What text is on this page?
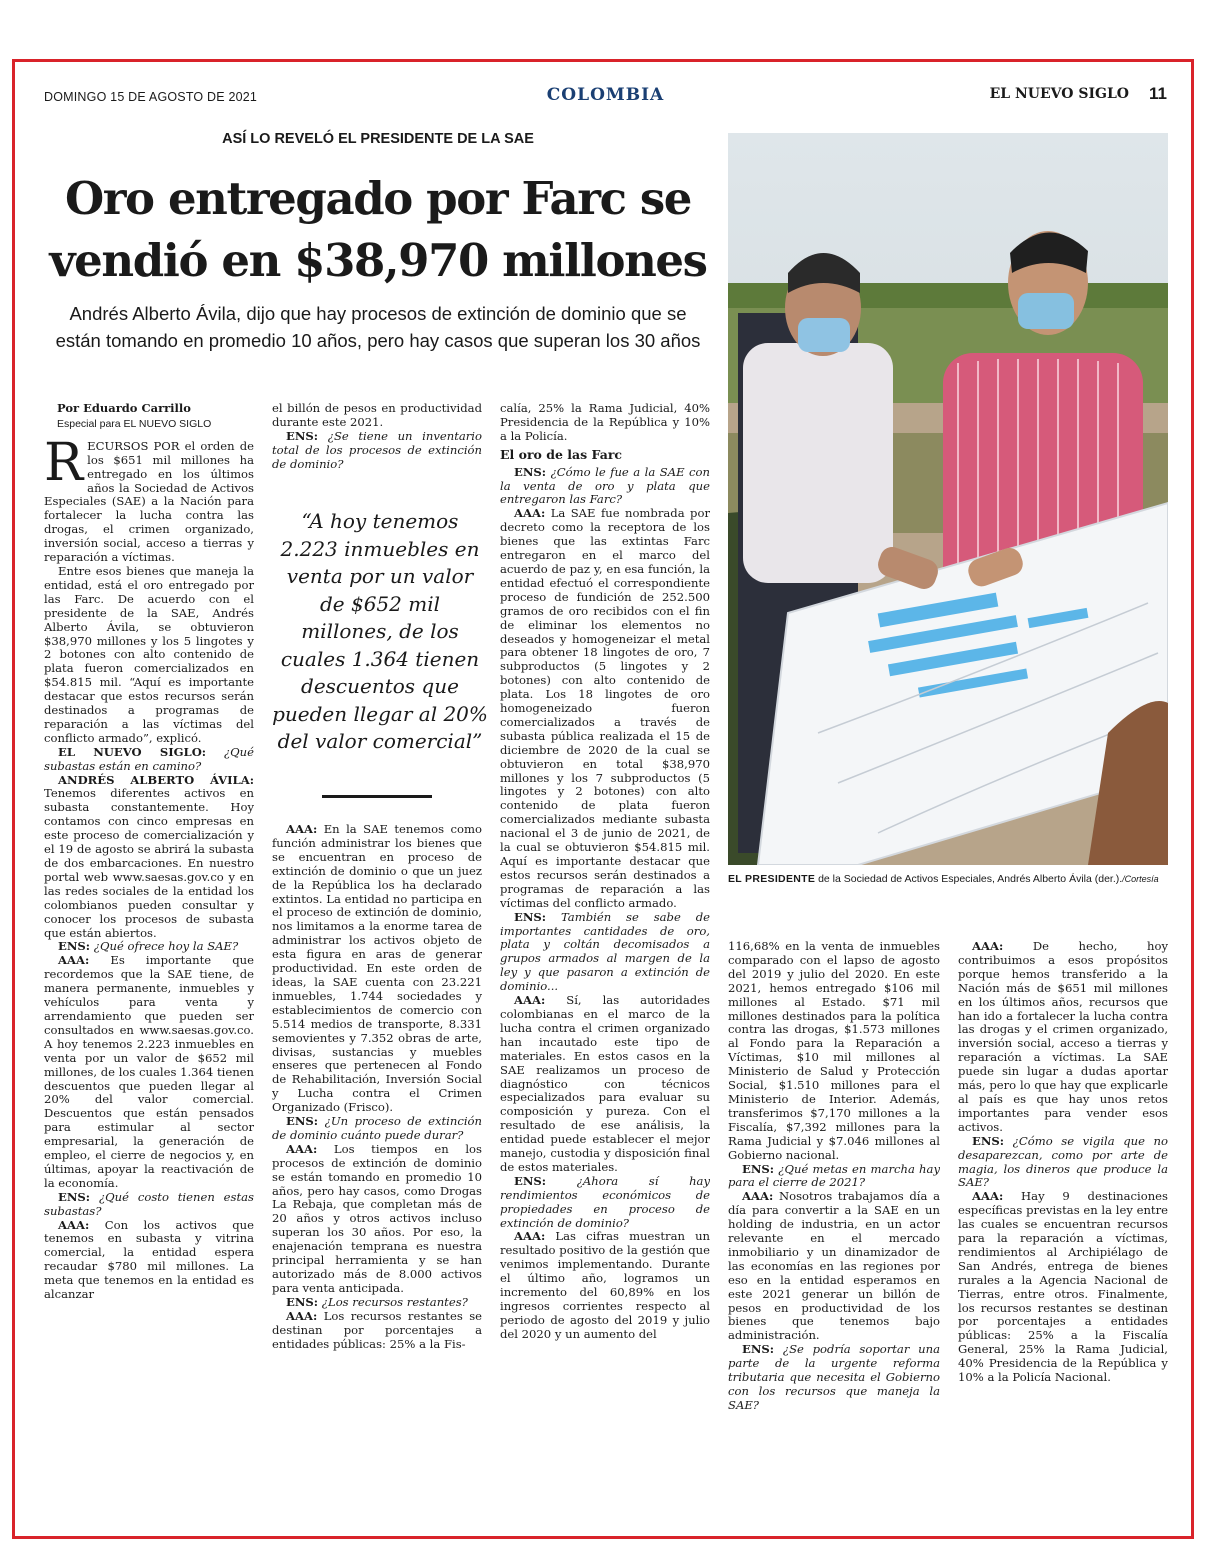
DOMINGO 15 DE AGOSTO DE 2021	COLOMBIA	EL NUEVO SIGLO 11
ASÍ LO REVELÓ EL PRESIDENTE DE LA SAE
Oro entregado por Farc se vendió en $38,970 millones
Andrés Alberto Ávila, dijo que hay procesos de extinción de dominio que se están tomando en promedio 10 años, pero hay casos que superan los 30 años
EL PRESIDENTE de la Sociedad de Activos Especiales, Andrés Alberto Ávila (der.)./Cortesía
Por Eduardo Carrillo
Especial para EL NUEVO SIGLO

RECURSOS POR el orden de los $651 mil millones ha entregado en los últimos años la Sociedad de Activos Especiales (SAE) a la Nación para fortalecer la lucha contra las drogas, el crimen organizado, inversión social, acceso a tierras y reparación a víctimas.

Entre esos bienes que maneja la entidad, está el oro entregado por las Farc. De acuerdo con el presidente de la SAE, Andrés Alberto Ávila, se obtuvieron $38,970 millones y los 5 lingotes y 2 botones con alto contenido de plata fueron comercializados en $54.815 mil. “Aquí es importante destacar que estos recursos serán destinados a programas de reparación a las víctimas del conflicto armado”, explicó.

EL NUEVO SIGLO: ¿Qué subastas están en camino?

ANDRÉS ALBERTO ÁVILA: Tenemos diferentes activos en subasta constantemente. Hoy contamos con cinco empresas en este proceso de comercialización y el 19 de agosto se abrirá la subasta de dos embarcaciones. En nuestro portal web www.saesas.gov.co y en las redes sociales de la entidad los colombianos pueden consultar y conocer los procesos de subasta que están abiertos.

ENS: ¿Qué ofrece hoy la SAE?

AAA: Es importante que recordemos que la SAE tiene, de manera permanente, inmuebles y vehículos para venta y arrendamiento que pueden ser consultados en www.saesas.gov.co. A hoy tenemos 2.223 inmuebles en venta por un valor de $652 mil millones, de los cuales 1.364 tienen descuentos que pueden llegar al 20% del valor comercial. Descuentos que están pensados para estimular al sector empresarial, la generación de empleo, el cierre de negocios y, en últimas, apoyar la reactivación de la economía.

ENS: ¿Qué costo tienen estas subastas?

AAA: Con los activos que tenemos en subasta y vitrina comercial, la entidad espera recaudar $780 mil millones. La meta que tenemos en la entidad es alcanzar

el billón de pesos en productividad durante este 2021.

ENS: ¿Se tiene un inventario total de los procesos de extinción de dominio?

“A hoy tenemos 2.223 inmuebles en venta por un valor de $652 mil millones, de los cuales 1.364 tienen descuentos que pueden llegar al 20% del valor comercial”

AAA: En la SAE tenemos como función administrar los bienes que se encuentran en proceso de extinción de dominio o que un juez de la República los ha declarado extintos. La entidad no participa en el proceso de extinción de dominio, nos limitamos a la enorme tarea de administrar los activos objeto de esta figura en aras de generar productividad. En este orden de ideas, la SAE cuenta con 23.221 inmuebles, 1.744 sociedades y establecimientos de comercio con 5.514 medios de transporte, 8.331 semovientes y 7.352 obras de arte, divisas, sustancias y muebles enseres que pertenecen al Fondo de Rehabilitación, Inversión Social y Lucha contra el Crimen Organizado (Frisco).

ENS: ¿Un proceso de extinción de dominio cuánto puede durar?

AAA: Los tiempos en los procesos de extinción de dominio se están tomando en promedio 10 años, pero hay casos, como Drogas La Rebaja, que completan más de 20 años y otros activos incluso superan los 30 años. Por eso, la enajenación temprana es nuestra principal herramienta y se han autorizado más de 8.000 activos para venta anticipada.

ENS: ¿Los recursos restantes?

AAA: Los recursos restantes se destinan por porcentajes a entidades públicas: 25% a la Fis-

calía, 25% la Rama Judicial, 40% Presidencia de la República y 10% a la Policía.

El oro de las Farc

ENS: ¿Cómo le fue a la SAE con la venta de oro y plata que entregaron las Farc?

AAA: La SAE fue nombrada por decreto como la receptora de los bienes que las extintas Farc entregaron en el marco del acuerdo de paz y, en esa función, la entidad efectuó el correspondiente proceso de fundición de 252.500 gramos de oro recibidos con el fin de eliminar los elementos no deseados y homogeneizar el metal para obtener 18 lingotes de oro, 7 subproductos (5 lingotes y 2 botones) con alto contenido de plata. Los 18 lingotes de oro homogeneizado fueron comercializados a través de subasta pública realizada el 15 de diciembre de 2020 de la cual se obtuvieron en total $38,970 millones y los 7 subproductos (5 lingotes y 2 botones) con alto contenido de plata fueron comercializados mediante subasta nacional el 3 de junio de 2021, de la cual se obtuvieron $54.815 mil. Aquí es importante destacar que estos recursos serán destinados a programas de reparación a las víctimas del conflicto armado.

ENS: También se sabe de importantes cantidades de oro, plata y coltán decomisados a grupos armados al margen de la ley y que pasaron a extinción de dominio...

AAA: Sí, las autoridades colombianas en el marco de la lucha contra el crimen organizado han incautado este tipo de materiales. En estos casos en la SAE realizamos un proceso de diagnóstico con técnicos especializados para evaluar su composición y pureza. Con el resultado de ese análisis, la entidad puede establecer el mejor manejo, custodia y disposición final de estos materiales.

ENS: ¿Ahora sí hay rendimientos económicos de propiedades en proceso de extinción de dominio?

AAA: Las cifras muestran un resultado positivo de la gestión que venimos implementando. Durante el último año, logramos un incremento del 60,89% en los ingresos corrientes respecto al periodo de agosto del 2019 y julio del 2020 y un aumento del

116,68% en la venta de inmuebles comparado con el lapso de agosto del 2019 y julio del 2020. En este 2021, hemos entregado $106 mil millones al Estado. $71 mil millones destinados para la política contra las drogas, $1.573 millones al Fondo para la Reparación a Víctimas, $10 mil millones al Ministerio de Salud y Protección Social, $1.510 millones para el Ministerio de Interior. Además, transferimos $7,170 millones a la Fiscalía, $7,392 millones para la Rama Judicial y $7.046 millones al Gobierno nacional.

ENS: ¿Qué metas en marcha hay para el cierre de 2021?

AAA: Nosotros trabajamos día a día para convertir a la SAE en un holding de industria, en un actor relevante en el mercado inmobiliario y un dinamizador de las economías en las regiones por eso en la entidad esperamos en este 2021 generar un billón de pesos en productividad de los bienes que tenemos bajo administración.

ENS: ¿Se podría soportar una parte de la urgente reforma tributaria que necesita el Gobierno con los recursos que maneja la SAE?

AAA: De hecho, hoy contribuimos a esos propósitos porque hemos transferido a la Nación más de $651 mil millones en los últimos años, recursos que han ido a fortalecer la lucha contra las drogas y el crimen organizado, inversión social, acceso a tierras y reparación a víctimas. La SAE puede sin lugar a dudas aportar más, pero lo que hay que explicarle al país es que hay unos retos importantes para vender esos activos.

ENS: ¿Cómo se vigila que no desaparezcan, como por arte de magia, los dineros que produce la SAE?

AAA: Hay 9 destinaciones específicas previstas en la ley entre las cuales se encuentran recursos para la reparación a víctimas, rendimientos al Archipiélago de San Andrés, entrega de bienes rurales a la Agencia Nacional de Tierras, entre otros. Finalmente, los recursos restantes se destinan por porcentajes a entidades públicas: 25% a la Fiscalía General, 25% la Rama Judicial, 40% Presidencia de la República y 10% a la Policía Nacional.
